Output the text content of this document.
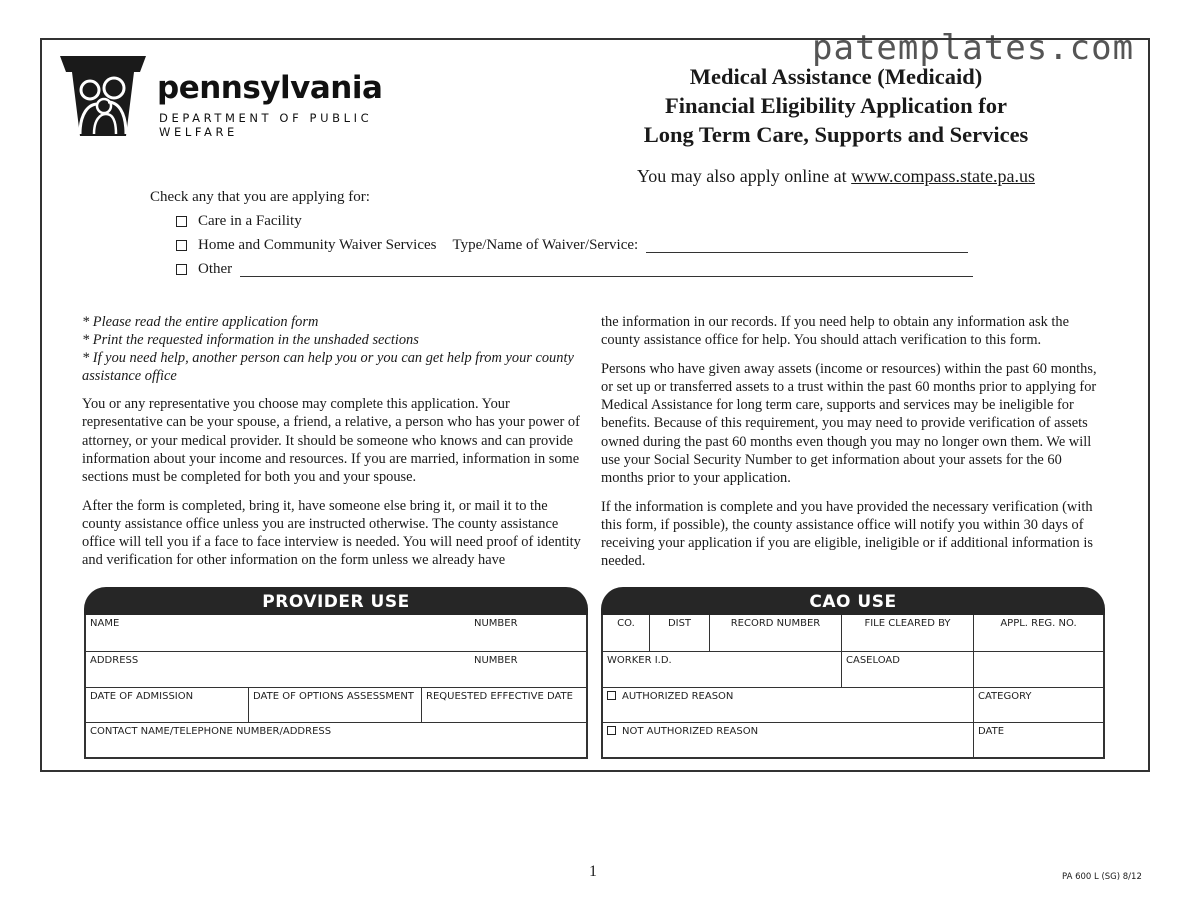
patemplates.com
pennsylvania
DEPARTMENT OF PUBLIC WELFARE
Medical Assistance (Medicaid)
Financial Eligibility Application for
Long Term Care, Supports and Services
You may also apply online at www.compass.state.pa.us
Check any that you are applying for:
Care in a Facility
Home and Community Waiver Services Type/Name of Waiver/Service:
Other

* Please read the entire application form
* Print the requested information in the unshaded sections
* If you need help, another person can help you or you can get help from your county assistance office

You or any representative you choose may complete this application. Your representative can be your spouse, a friend, a relative, a person who has your power of attorney, or your medical provider. It should be someone who knows and can provide information about your income and resources. If you are married, information in some sections must be completed for both you and your spouse.

After the form is completed, bring it, have someone else bring it, or mail it to the county assistance office unless you are instructed otherwise. The county assistance office will tell you if a face to face interview is needed. You will need proof of identity and verification for other information on the form unless we already have

the information in our records. If you need help to obtain any information ask the county assistance office for help. You should attach verification to this form.

Persons who have given away assets (income or resources) within the past 60 months, or set up or transferred assets to a trust within the past 60 months prior to applying for Medical Assistance for long term care, supports and services may be ineligible for benefits. Because of this requirement, you may need to provide verification of assets owned during the past 60 months even though you may no longer own them. We will use your Social Security Number to get information about your assets for the 60 months prior to your application.

If the information is complete and you have provided the necessary verification (with this form, if possible), the county assistance office will notify you within 30 days of receiving your application if you are eligible, ineligible or if additional information is needed.

PROVIDER USE
NAME	NUMBER
ADDRESS	NUMBER
DATE OF ADMISSION	DATE OF OPTIONS ASSESSMENT	REQUESTED EFFECTIVE DATE
CONTACT NAME/TELEPHONE NUMBER/ADDRESS
CAO USE
CO.	DIST	RECORD NUMBER	FILE CLEARED BY	APPL. REG. NO.
WORKER I.D.	CASELOAD
AUTHORIZED REASON	CATEGORY
NOT AUTHORIZED REASON	DATE
1	PA 600 L (SG) 8/12
